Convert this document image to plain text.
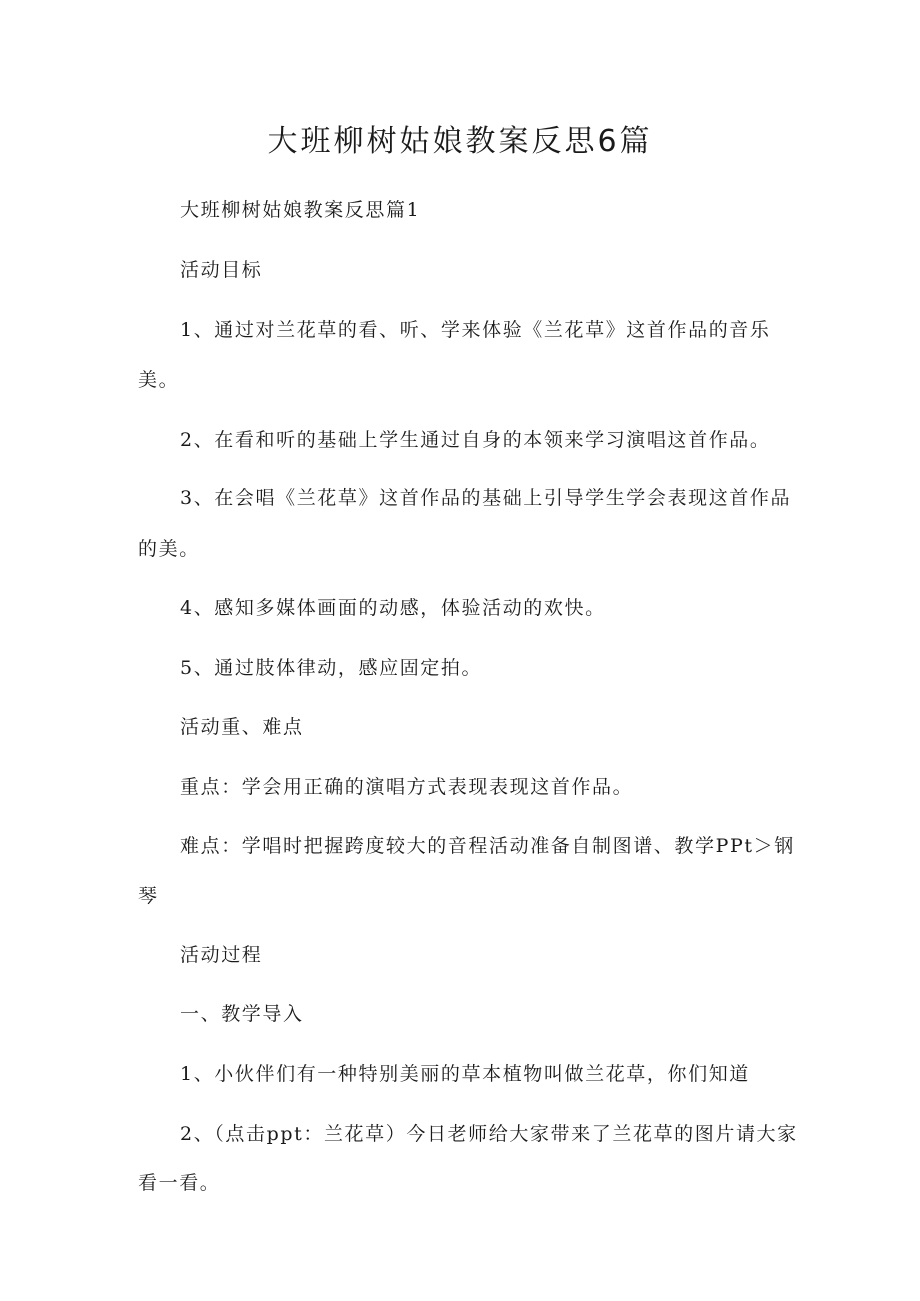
大班柳树姑娘教案反思6篇
大班柳树姑娘教案反思篇1
活动目标
1、通过对兰花草的看、听、学来体验《兰花草》这首作品的音乐
美。
2、在看和听的基础上学生通过自身的本领来学习演唱这首作品。
3、在会唱《兰花草》这首作品的基础上引导学生学会表现这首作品
的美。
4、感知多媒体画面的动感，体验活动的欢快。
5、通过肢体律动，感应固定拍。
活动重、难点
重点：学会用正确的演唱方式表现表现这首作品。
难点：学唱时把握跨度较大的音程活动准备自制图谱、教学PPt＞钢
琴
活动过程
一、教学导入
1、小伙伴们有一种特别美丽的草本植物叫做兰花草，你们知道
2、（点击ppt：兰花草）今日老师给大家带来了兰花草的图片请大家
看一看。
